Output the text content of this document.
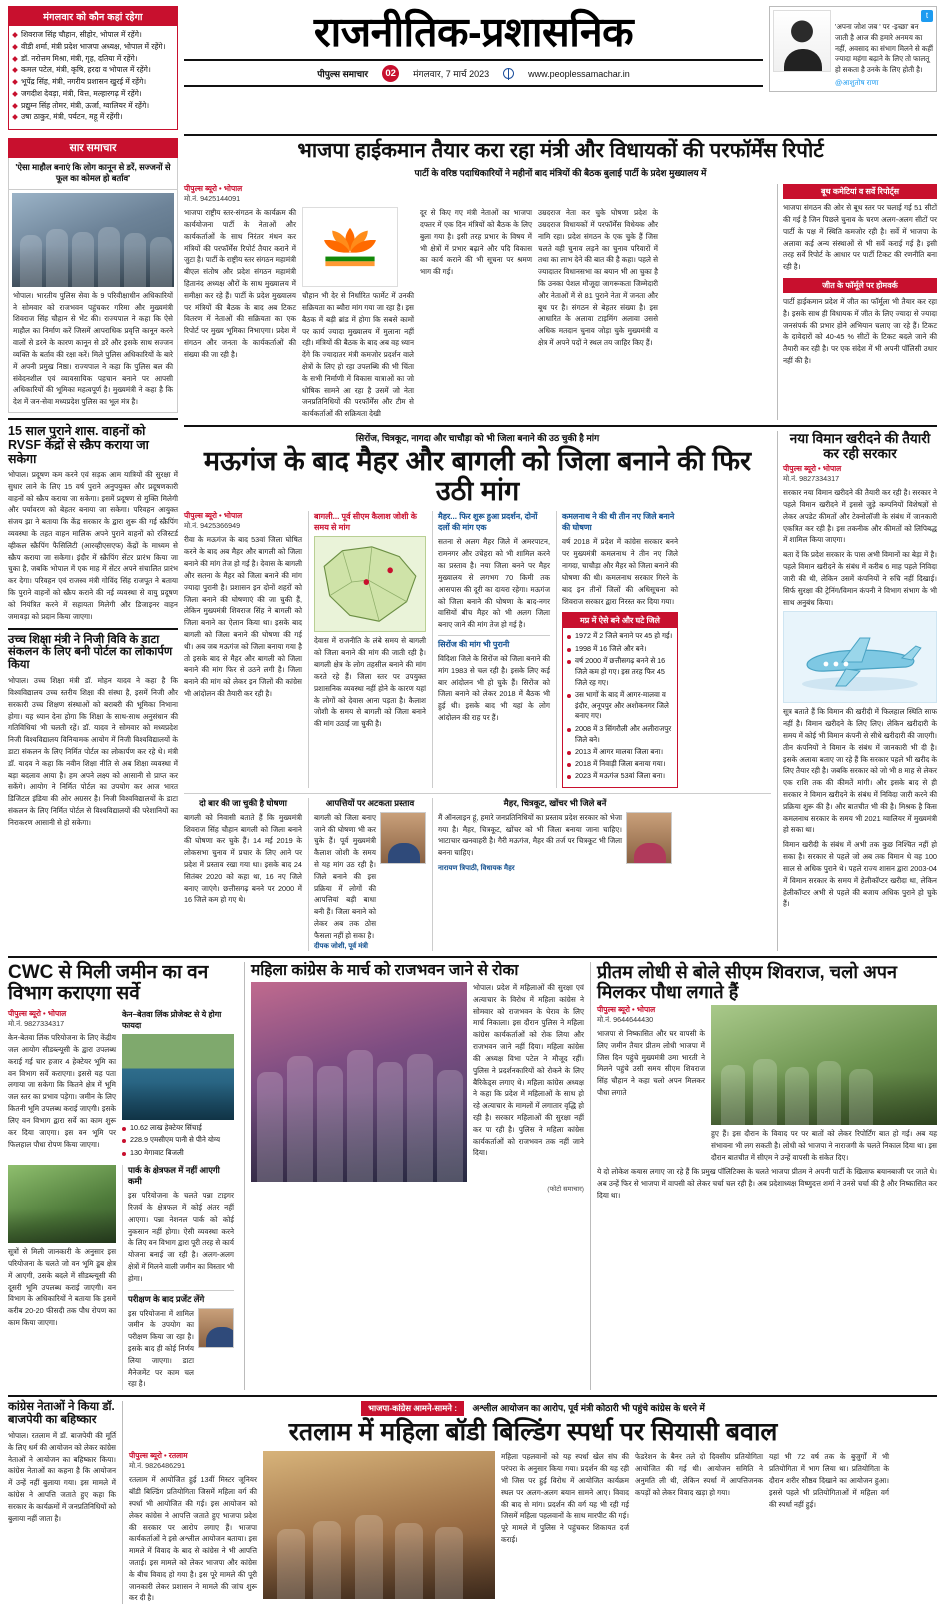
मंगलवार को कौन कहां रहेगा
शिवराज सिंह चौहान, सीहोर, भोपाल में रहेंगे।
वीडी शर्मा, मंत्री प्रदेश भाजपा अध्यक्ष, भोपाल में रहेंगे।
डॉ. नरोत्तम मिश्रा, मंत्री, गृह, दतिया में रहेंगे।
कमल पटेल, मंत्री, कृषि, हरदा व भोपाल में रहेंगे।
भूपेंद्र सिंह, मंत्री, नगरीय प्रशासन खुरई में रहेंगे।
जगदीश देवड़ा, मंत्री, वित्त, मल्हारगढ़ में रहेंगे।
प्रद्युम्न सिंह तोमर, मंत्री, ऊर्जा, ग्वालियर में रहेंगे।
उषा ठाकुर, मंत्री, पर्यटन, महू में रहेंगी।
राजनीतिक-प्रशासनिक
पीपुल्स समाचार	02	मंगलवार, 7 मार्च 2023	www.peoplessamachar.in
t
'अपना जोश जब ' पर -इच्छा' बन जाती है आज की हमारे अनमय का नहीं, अवसाद का संभाग मिलने से कहीं ज्यादा महंगा बढ़ाने के लिए तो फालतू हो सकता है उनके के लिए होती है।
@आशुतोष राणा
सार समाचार
'ऐसा माहौल बनाएं कि लोग कानून से डरें, सज्जनों से फूल का कोमल हो बर्ताव'
भोपाल। भारतीय पुलिस सेवा के 9 परिवीक्षाधीन अधिकारियों ने सोमवार को राजभवन पहुंचकर गरिमा और मुख्यमंत्री शिवराज सिंह चौहान से भेंट की। राज्यपाल ने कहा कि ऐसे माहौल का निर्माण करें जिसमें आपराधिक प्रवृत्ति कानून करने वालों से डरने के कारण कानून से डरें और इसके साथ सज्जन व्यक्ति के बर्ताव की रक्षा करें। मिले पुलिस अधिकारियों के बारे में अपनी प्रमुख निष्ठा। राज्यपाल ने कहा कि पुलिस बल की संवेदनशील एवं व्यावसायिक पहचान बनाने पर आपसी अधिकारियों की भूमिका महत्वपूर्ण है। मुख्यमंत्री ने कहा है कि देश में जन-सेवा मध्यप्रदेश पुलिस का भूल मंत्र है।
15 साल पुराने शास. वाहनों को RVSF केंद्रों से स्क्रैप कराया जा सकेगा
भोपाल। प्रदूषण कम करने एवं सड़क आम यात्रियों की सुरक्षा में सुधार लाने के लिए 15 वर्ष पुराने अनुपयुक्त और प्रदूषणकारी वाहनों को स्क्रैप कराया जा सकेगा। इसमें प्रदूषण से मुक्ति मिलेगी और पर्यावरण को बेहतर बनाया जा सकेगा। परिवहन आयुक्त संजय झा ने बताया कि केंद्र सरकार के द्वारा शुरू की गई स्क्रैपिंग व्यवस्था के तहत वाहन मालिक अपने पुराने वाहनों को रजिस्टर्ड व्हीकल स्क्रैपिंग फैसिलिटी (आरव्हीएसएफ) केंद्रों के माध्यम से स्क्रैप कराया जा सकेगा। इंदौर में स्क्रैपिंग सेंटर प्रारंभ किया जा चुका है, जबकि भोपाल में एक माह में सेंटर अपने संचालित प्रारंभ कर देगा। परिवहन एवं राजस्व मंत्री गोविंद सिंह राजपूत ने बताया कि पुराने वाहनों को स्क्रैप कराने की नई व्यवस्था से वायु प्रदूषण को नियंत्रित करने में सहायता मिलेगी और डिजाइनर वाहन जमावड़ा को प्रदान किया जाएगा।
उच्च शिक्षा मंत्री ने निजी विवि के डाटा संकलन के लिए बनी पोर्टल का लोकार्पण किया
भोपाल। उच्च शिक्षा मंत्री डॉ. मोहन यादव ने कहा है कि विश्वविद्यालय उच्च स्तरीय शिक्षा की संस्था है, इसमें निजी और सरकारी उच्च शिक्षण संस्थाओं को बराबरी की भूमिका निभाना होगा। यह ध्यान देना होगा कि शिक्षा के साथ-साथ अनुसंधान की गतिविधियां भी चलती रहें। डॉ. यादव ने सोमवार को मध्यप्रदेश निजी विश्वविद्यालय विनियामक आयोग में निजी विश्वविद्यालयों के डाटा संकलन के लिए निर्मित पोर्टल का लोकार्पण कर रहे थे। मंत्री डॉ. यादव ने कहा कि नवीन शिक्षा नीति से अब शिक्षा व्यवस्था में बड़ा बदलाव आया है। हम अपने लक्ष्य को आसानी से प्राप्त कर सकेंगे। आयोग ने निर्मित पोर्टल का उपयोग कर आज भारत डिजिटल इंडिया की ओर अग्रसर है। निजी विश्वविद्यालयों के डाटा संकलन के लिए निर्मित पोर्टल से विश्वविद्यालयों की परेशानियों का निराकरण आसानी से हो सकेगा।
भाजपा हाईकमान तैयार करा रहा मंत्री और विधायकों की परफॉर्मेंस रिपोर्ट
पार्टी के वरिष्ठ पदाधिकारियों ने महीनों बाद मंत्रियों की बैठक बुलाई पार्टी के प्रदेश मुख्यालय में
पीपुल्स ब्यूरो • भोपाल
मो.नं. 9425144091
भाजपा राष्ट्रीय स्तर-संगठन के कार्यक्रम की कार्ययोजना पार्टी के नेताओं और कार्यकर्ताओं के साथ निरंतर मंथन कर मंत्रियों की परफॉर्मेंस रिपोर्ट तैयार कराने में जुटा है। पार्टी के राष्ट्रीय स्तर संगठन महामंत्री बीएल संतोष और प्रदेश संगठन महामंत्री हितानंद अध्यक्ष औरों के साथ मुख्यालय में समीक्षा कर रहे हैं। पार्टी के प्रदेश मुख्यालय पर मंत्रियों की बैठक के बाद अब टिकट वितरण में नेताओं की सक्रियता का एक रिपोर्ट पर मुख्य भूमिका निभाएगा। प्रदेश में संगठन और जनता के कार्यकर्ताओं की संख्या की जा रही है।
चौहान भी देर से निर्धारित फार्मेट में उनकी सक्रियता का ब्यौरा मांग गया जा रहा है। इस बैठक में बड़ी ब्रांड में होगा कि सबसे कामों पर कार्य ज्यादा मुख्यालय में मुलाना नहीं रही। मंत्रियों की बैठक के बाद अब वह ध्यान देंगे कि ज्यादातर मंत्री कमजोर प्रदर्शन वाले क्षेत्रों के लिए हो रहा उपलब्धि की भी चिंता के सभी निर्माणी में विकास यात्राओं का जो धोषिक सामने आ रहा है उसमें जो नेता जनप्रतिनिधियों की परफॉर्मेंस और टीम से कार्यकर्ताओं की सक्रियता देखी
दूर से किए गए मंत्री नेताओं का भाजपा दफ्तर में एक दिन मंत्रियों को बैठक के लिए बुला गया है। इसी तरह प्रभार के विषय में भी क्षेत्रों में प्रभार बढ़ाने और पदि विकास का कार्य कराने की भी सूचना पर श्रमण भाग की गई।
उम्रदराज नेता कर चुके घोषणा प्रदेश के उम्रदराज विधायकों में परफॉर्मेंस विधेयक और नामि रहा। प्रदेश संगठन के एक चुके हैं जिस चलते वही चुनाव लड़ने का चुनाव परिवारों में तथा का लाभ देने की बात की है कहा। पहले से ज्यादातर विधानसभा का बयान भी आ चुका है कि उनका पेशल मौजूदा जागरूकता जिम्मेदारी और नेताओं में से 81 पुराने नेता में जनता और बूथ पर है। संगठन से बेहतर संख्या है। इस आधारित के अलावा टाइमिंग अलावा उससे अधिक मतदान चुनाव जोड़ा चुके मुख्यमंत्री व क्षेत्र में अपने पदों ने स्थल तय जाहिर किए हैं।
बूथ कमेटियां व सर्वे रिपोर्ट्स
भाजपा संगठन की ओर से बूथ स्तर पर चलाई गई 51 सीटों की गई है जिन पिछले चुनाव के चरण अलग-अलग सीटों पर पार्टी के पक्ष में स्थिति कमजोर रही है। सर्वे में भाजपा के अलावा कई अन्य संस्थाओं से भी सर्वे कराई गई है। इसी तरह सर्वे रिपोर्ट के आधार पर पार्टी टिकट की रणनीति बना रही है।
जीत के फॉर्मूले पर होमवर्क
पार्टी हाईकमान प्रदेश में जीत का फॉर्मूला भी तैयार कर रहा है। इसके साथ ही विधायक में जीत के लिए ज्यादा से ज्यादा जनसंपर्क की प्रभार होने अभियान चलाए जा रहे हैं। टिकट के दावेदारों को 40-45 % सीटों के टिकट बदले जाने की तैयारी कर रही है। पर एक संदेश में भी अपनी पॉलिसी उधार नहीं की है।
सिरोंज, चित्रकूट, नागदा और चाचौड़ा को भी जिला बनाने की उठ चुकी है मांग
मऊगंज के बाद मैहर और बागली को जिला बनाने की फिर उठी मांग
पीपुल्स ब्यूरो • भोपाल
मो.नं. 9425366949
रीवा के मऊगंज के बाद 53वां जिला घोषित करने के बाद अब मैहर और बागली को जिला बनाने की मांग तेज हो गई है। देवास के बागली और सतना के मैहर को जिला बनाने की मांग ज्यादा पुरानी है। प्रशासन इन दोनों शहरों को जिला बनाने की घोषणाएं की जा चुकी हैं, लेकिन मुख्यमंत्री शिवराज सिंह ने बागली को जिला बनाने का ऐलान किया था। इसके बाद बागली को जिला बनाने की घोषणा की गई थी। अब जब मऊगंज को जिला बनाया गया है तो इसके बाद से मैहर और बागली को जिला बनाने की मांग फिर से उठने लगी है। जिला बनाने की मांग को लेकर इन जिलों की कांग्रेस भी आंदोलन की तैयारी कर रही है।
बागली... पूर्व सीएम कैलाश जोशी के समय से मांग
देवास में राजनीति के लंबे समय से बागली को जिला बनाने की मांग की जाती रही है। बागली क्षेत्र के लोग तहसील बनाने की मांग करते रहे हैं। जिला स्तर पर उपयुक्त प्रशासनिक व्यवस्था नहीं होने के कारण यहां के लोगों को देवास आना पड़ता है। कैलाश जोशी के समय से बागली को जिला बनाने की मांग उठाई जा चुकी है।
मैहर... फिर शुरू हुआ प्रदर्शन, दोनों दलों की मांग एक
सतना से अलग मैहर जिले में अमरपाटन, रामनगर और उचेहरा को भी शामिल करने का प्रस्ताव है। नया जिला बनने पर मैहर मुख्यालय से लगभग 70 किमी तक आसपास की दूरी का दायरा रहेगा। मऊगंज को जिला बनाने की घोषणा के बाद-नगर वासियों बीच मैहर को भी अलग जिला बनाए जाने की मांग तेज हो गई है।
सिरोंज की मांग भी पुरानी
विदिशा जिले के सिरोंज को जिला बनाने की मांग 1983 से चल रही है। इसके लिए कई बार आंदोलन भी हो चुके हैं। सिरोंज को जिला बनाने को लेकर 2018 में बैठक भी हुई थी। इसके बाद भी यहां के लोग आंदोलन की राह पर हैं।
कमलनाथ ने की थी तीन नए जिले बनाने की घोषणा
वर्ष 2018 में प्रदेश में कांग्रेस सरकार बनने पर मुख्यमंत्री कमलनाथ ने तीन नए जिले नागदा, चाचौड़ा और मैहर को जिला बनाने की घोषणा की थी। कमलनाथ सरकार गिरने के बाद इन तीनों जिलों की अधिसूचना को शिवराज सरकार द्वारा निरस्त कर दिया गया।
मप्र में ऐसे बने और घटे जिले
1972 में 2 जिले बनाने पर 45 हो गई।
1998 में 16 जिले और बने।
वर्ष 2000 में छत्तीसगढ़ बनने से 16 जिले कम हो गए। इस तरह फिर 45 जिले रह गए।
उस भागों के बाद में आगर-मालवा व इंदौर, अनूपपुर और अशोकनगर जिले बनाए गए।
2008 में 3 सिंगरौली और अलीराजपुर जिले बने।
2013 में आगर मालवा जिला बना।
2018 में निवाड़ी जिला बनाया गया।
2023 में मऊगंज 53वां जिला बना।
दो बार की जा चुकी है घोषणा
बागली को निवासी बताते हैं कि मुख्यमंत्री शिवराज सिंह चौहान बागली को जिला बनाने की घोषणा कर चुके हैं। 14 मई 2019 के लोकसभा चुनाव में प्रचार के लिए आने पर प्रदेश में प्रस्ताव रखा गया था। इसके बाद 24 सितंबर 2020 को कहा था, 16 नए जिले बनाए जाएंगे। छत्तीसगढ़ बनने पर 2000 में 16 जिले कम हो गए थे।
आपत्तियों पर अटकता प्रस्ताव
बागली को जिला बनाए जाने की घोषणा भी कर चुके हैं। पूर्व मुख्यमंत्री कैलाश जोशी के समय से यह मांग उठ रही है। जिले बनाने की इस प्रक्रिया में लोगों की आपत्तियां बड़ी बाधा बनी हैं। जिला बनाने को लेकर अब तक ठोस फैसला नहीं हो सका है।
दीपक जोशी, पूर्व मंत्री
मैहर, चित्रकूट, खोंचर भी जिले बनें
मैं ऑनलाइन हूं, हमारे जनप्रतिनिधियों का प्रस्ताव प्रदेश सरकार को भेजा गया है। मैहर, चित्रकूट, खोंचर को भी जिला बनाया जाना चाहिए। भाटाचार खनवाहरी है। गैरी मऊगंज, मैहर की तर्ज पर चित्रकूट भी जिला बनना चाहिए।
नारायण त्रिपाठी, विधायक मैहर
नया विमान खरीदने की तैयारी कर रही सरकार
पीपुल्स ब्यूरो • भोपाल
मो.नं. 9827334317
सरकार नया विमान खरीदने की तैयारी कर रही है। सरकार ने पहले विमान खरीदने में इससे जुड़े कम्पनियों विशेषज्ञों से लेकर अपडेट कीमतों और टेक्नोलॉजी के संबंध में जानकारी एकत्रित कर रही है। इस तकनीक और कीमतों को लिपिबद्ध में शामिल किया जाएगा।
बता दें कि प्रदेश सरकार के पास अभी विमानों का बेड़ा में है। पहले विमान खरीदने के संबंध में करीब 6 माह पहले निविदा जारी की थी, लेकिन उसमें कंपनियों ने रुचि नहीं दिखाई। सिर्फ सुरक्षा की ट्रेनिंग/विमान कंपनी ने विभाग संभाग के भी साथ अनुबंध किया।
सूत्र बताते हैं कि विमान की खरीदी में फिलहाल स्थिति साफ नहीं है। विमान खरीदने के लिए लिए। लेकिन खरीदारी के समय में कोई भी विमान कंपनी से सीधे खरीदारी की जाएगी। तीन कंपनियों ने विमान के संबंध में जानकारी भी दी है। इसके अलावा बताए जा रहे हैं कि सरकार पहले भी खरीद के लिए तैयार रही है। जबकि सरकार को जो भी 8 माह से लेकर एक राशि तक की कीमतें मांगी। और इसके बाद से ही सरकार ने विमान खरीदने के संबंध में निविदा जारी करने की प्रक्रिया शुरू की है। और बातचीत भी की है। मिश्रक है किस कमलनाथ सरकार के समय भी 2021 ग्वालियर में मुख्यमंत्री हो सका था।
विमान खरीदी के संबंध में अभी तक कुछ निश्चित नहीं हो सका है। सरकार से पहले जो अब तक विमान थे वह 100 साल से अधिक पुराने थे। पहले राज्य शासन द्वारा 2003-04 में विमान सरकार के समय में हेलीकॉप्टर खरीदा था, लेकिन हेलीकॉप्टर अभी से पहले की बजाय अधिक पुराने हो चुके हैं।
CWC से मिली जमीन का वन विभाग कराएगा सर्वे
पीपुल्स ब्यूरो • भोपाल
मो.नं. 9827334317
केन-बेतवा लिंक परियोजना के लिए केंद्रीय जल आयोग सीडब्ल्यूसी के द्वारा उपलब्ध कराई गई चार हजार 4 हेक्टेयर भूमि का वन विभाग सर्वे कराएगा। इससे यह पता लगाया जा सकेगा कि कितने क्षेत्र में भूमि जल स्तर का प्रभाव पड़ेगा। जमीन के लिए कितनी भूमि उपलब्ध कराई जाएगी। इसके लिए वन विभाग द्वारा सर्वे का काम शुरू कर दिया जाएगा। इस वन भूमि पर फिलहाल पौधा रोपण किया जाएगा।
केन–बेतवा लिंक प्रोजेक्ट से ये होगा फायदा
10.62 लाख हेक्टेयर सिंचाई
228.9 एमसीएम पानी से पीने योग्य
130 मेगावाट बिजली
सूत्रों से मिली जानकारी के अनुसार इस परियोजना के चलते जो वन भूमि डूब क्षेत्र में आएगी, उसके बदले में सीडब्ल्यूसी की दूसरी भूमि उपलब्ध कराई जाएगी। वन विभाग के अधिकारियों ने बताया कि इसमें करीब 20-20 फीसदी तक पौध रोपण का काम किया जाएगा।
पार्क के क्षेत्रफल में नहीं आएगी कमी
इस परियोजना के चलते पन्ना टाइगर रिजर्व के क्षेत्रफल में कोई अंतर नहीं आएगा। पन्ना नेशनल पार्क को कोई नुकसान नहीं होगा। ऐसी व्यवस्था करने के लिए वन विभाग द्वारा पूरी तरह से कार्य योजना बनाई जा रही है। अलग-अलग क्षेत्रों में मिलने वाली जमीन का विस्तार भी होगा।
परीक्षण के बाद प्रजेंट लेंगे
इस परियोजना में शामिल जमीन के उपयोग का परीक्षण किया जा रहा है। इसके बाद ही कोई निर्णय लिया जाएगा। डाटा मैनेजमेंट पर काम चल रहा है।
महिला कांग्रेस के मार्च को राजभवन जाने से रोका
भोपाल। प्रदेश में महिलाओं की सुरक्षा एवं अत्याचार के विरोध में महिला कांग्रेस ने सोमवार को राजभवन के घेराव के लिए मार्च निकाला। इस दौरान पुलिस ने महिला कांग्रेस कार्यकर्ताओं को रोक लिया और राजभवन जाने नहीं दिया। महिला कांग्रेस की अध्यक्ष विभा पटेल ने मौजूद रहीं। पुलिस ने प्रदर्शनकारियों को रोकने के लिए बैरिकेड्स लगाए थे। महिला कांग्रेस अध्यक्ष ने कहा कि प्रदेश में महिलाओं के साथ हो रहे अत्याचार के मामलों में लगातार वृद्धि हो रही है। सरकार महिलाओं की सुरक्षा नहीं कर पा रही है। पुलिस ने महिला कांग्रेस कार्यकर्ताओं को राजभवन तक नहीं जाने दिया।
(फोटो समाचार)
प्रीतम लोधी से बोले सीएम शिवराज, चलो अपन मिलकर पौधा लगाते हैं
पीपुल्स ब्यूरो • भोपाल
मो.नं. 9644644430
भाजपा से निष्कासित और घर वापसी के लिए जमीन तैयार प्रीतम लोधी भाजपा में जिस दिन पहुंचे मुख्यमंत्री उमा भारती ने मिलने पहुंचे उसी समय सीएम शिवराज सिंह चौहान ने कहा चलो अपन मिलकर पौधा लगाते
हुए हैं। इस दौरान के विवाद पर पर बातों को लेकर रिपोर्टिंग बात हो गई। अब यह संभावना भी लग सकती है। लोधी को भाजपा ने नाराजगी के चलते निकाल दिया था। इस दौरान बातचीत में सीएम ने उन्हें वापसी के संकेत दिए।
ये दो लोकेश कयास लगाए जा रहे हैं कि प्रमुख पॉलिटिक्स के चलते भाजपा प्रीतम ने अपनी पार्टी के खिलाफ बयानबाजी पर जाते थे। अब उन्हें फिर से भाजपा में वापसी को लेकर चर्चा चल रही है। अब प्रदेशाध्यक्ष विष्णुदत्त शर्मा ने उनसे चर्चा की है और निष्कासित कर दिया था।
कांग्रेस नेताओं ने किया डॉ. बाजपेयी का बहिष्कार
भोपाल। रतलाम में डॉ. बाजपेयी की मूर्ति के लिए धर्म की आयोजन को लेकर कांग्रेस नेताओं ने आयोजन का बहिष्कार किया। कांग्रेस नेताओं का कहना है कि आयोजन में उन्हें नहीं बुलाया गया। इस मामले में कांग्रेस ने आपत्ति जताते हुए कहा कि सरकार के कार्यक्रमों में जनप्रतिनिधियों को बुलाया नहीं जाता है।
भाजपा-कांग्रेस आमने-सामने : अश्लील आयोजन का आरोप, पूर्व मंत्री कोठारी भी पहुंचे कांग्रेस के धरने में
रतलाम में महिला बॉडी बिल्डिंग स्पर्धा पर सियासी बवाल
पीपुल्स ब्यूरो • रतलाम
मो.नं. 9826486291
रतलाम में आयोजित हुई 13वीं मिस्टर जूनियर बॉडी बिल्डिंग प्रतियोगिता जिसमें महिला वर्ग की स्पर्धा भी आयोजित की गई। इस आयोजन को लेकर कांग्रेस ने आपत्ति जताते हुए भाजपा प्रदेश की सरकार पर आरोप लगाए हैं। भाजपा कार्यकर्ताओं ने इसे अश्लील आयोजन बताया। इस मामले में विवाद के बाद से कांग्रेस ने भी आपत्ति जताई। इस मामले को लेकर भाजपा और कांग्रेस के बीच विवाद हो गया है। इस पूरे मामले की पूरी जानकारी लेकर प्रशासन ने मामले की जांच शुरू कर दी है।
महिला पहलवानों को यह स्पर्धा खेल संघ की परंपरा के अनुसार किया गया। प्रदर्शन की यह रही भी जिस पर हुई विरोध में आयोजित कार्यक्रम स्थल पर अलग-अलग बयान सामने आए। विवाद की बाद से मांग। प्रदर्शन की वर्ग यह भी रही गई जिसमें महिला पहलवानों के साथ मारपीट की गई। पूरे मामले में पुलिस ने पहुंचकर शिकायत दर्ज कराई।
फेडरेशन के बैनर तले दो दिवसीय प्रतियोगिता आयोजित की गई थी। आयोजन समिति ने अनुमति ली थी, लेकिन स्पर्धा में आपत्तिजनक कपड़ों को लेकर विवाद खड़ा हो गया।
यहां भी 72 वर्ष तक के बुजुर्गों में भी प्रतियोगिता में भाग लिया था। प्रतियोगिता के दौरान शरीर सौष्ठव दिखाने का आयोजन हुआ। इससे पहले भी प्रतियोगिताओं में महिला वर्ग की स्पर्धा नहीं हुई।
